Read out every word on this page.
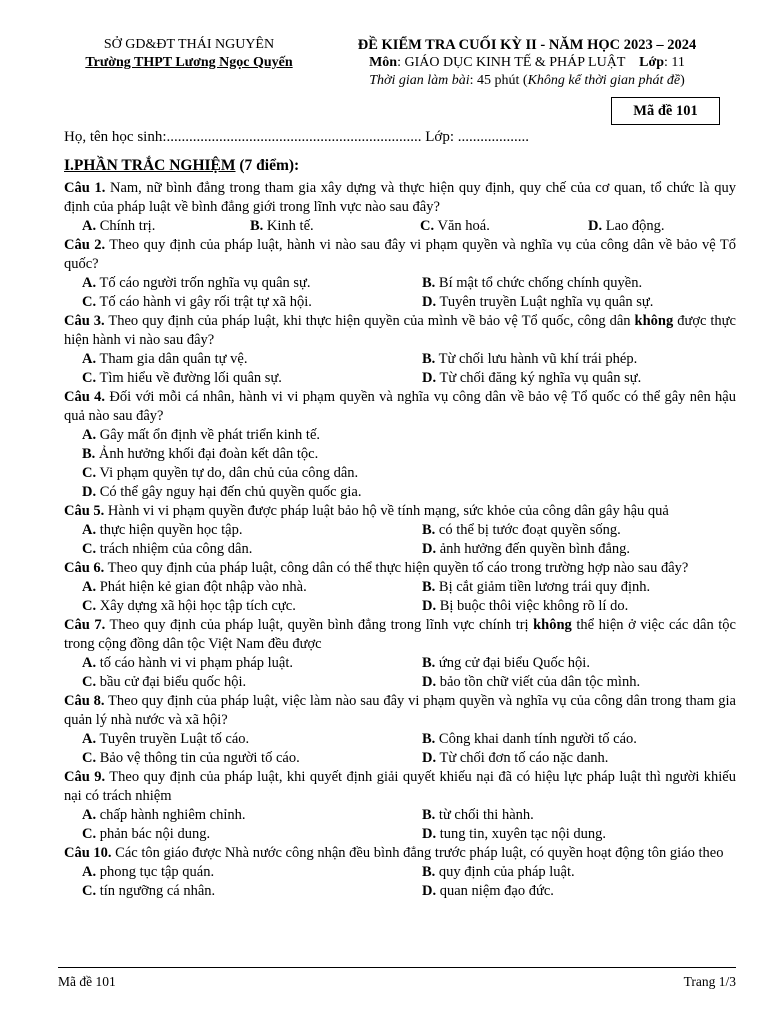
SỞ GD&ĐT THÁI NGUYÊN
Trường THPT Lương Ngọc Quyến
ĐỀ KIỂM TRA CUỐI KỲ II - NĂM HỌC 2023 – 2024
Môn: GIÁO DỤC KINH TẾ & PHÁP LUẬT Lớp: 11
Thời gian làm bài: 45 phút (Không kể thời gian phát đề)
Mã đề 101
Họ, tên học sinh:.................................................................... Lớp: ...................
I.PHẦN TRẮC NGHIỆM (7 điểm):
Câu 1. Nam, nữ bình đẳng trong tham gia xây dựng và thực hiện quy định, quy chế của cơ quan, tổ chức là quy định của pháp luật về bình đẳng giới trong lĩnh vực nào sau đây?
A. Chính trị.	B. Kinh tế.	C. Văn hoá.	D. Lao động.
Câu 2. Theo quy định của pháp luật, hành vi nào sau đây vi phạm quyền và nghĩa vụ của công dân về bảo vệ Tổ quốc?
A. Tố cáo người trốn nghĩa vụ quân sự.	B. Bí mật tổ chức chống chính quyền.
C. Tố cáo hành vi gây rối trật tự xã hội.	D. Tuyên truyền Luật nghĩa vụ quân sự.
Câu 3. Theo quy định của pháp luật, khi thực hiện quyền của mình về bảo vệ Tổ quốc, công dân không được thực hiện hành vi nào sau đây?
A. Tham gia dân quân tự vệ.	B. Từ chối lưu hành vũ khí trái phép.
C. Tìm hiểu về đường lối quân sự.	D. Từ chối đăng ký nghĩa vụ quân sự.
Câu 4. Đối với mỗi cá nhân, hành vi vi phạm quyền và nghĩa vụ công dân về bảo vệ Tổ quốc có thể gây nên hậu quả nào sau đây?
A. Gây mất ổn định về phát triển kinh tế.
B. Ảnh hưởng khối đại đoàn kết dân tộc.
C. Vi phạm quyền tự do, dân chủ của công dân.
D. Có thể gây nguy hại đến chủ quyền quốc gia.
Câu 5. Hành vi vi phạm quyền được pháp luật bảo hộ về tính mạng, sức khỏe của công dân gây hậu quả
A. thực hiện quyền học tập.	B. có thể bị tước đoạt quyền sống.
C. trách nhiệm của công dân.	D. ảnh hưởng đến quyền bình đẳng.
Câu 6. Theo quy định của pháp luật, công dân có thể thực hiện quyền tố cáo trong trường hợp nào sau đây?
A. Phát hiện kẻ gian đột nhập vào nhà.	B. Bị cắt giảm tiền lương trái quy định.
C. Xây dựng xã hội học tập tích cực.	D. Bị buộc thôi việc không rõ lí do.
Câu 7. Theo quy định của pháp luật, quyền bình đẳng trong lĩnh vực chính trị không thể hiện ở việc các dân tộc trong cộng đồng dân tộc Việt Nam đều được
A. tố cáo hành vi vi phạm pháp luật.	B. ứng cử đại biểu Quốc hội.
C. bầu cử đại biểu quốc hội.	D. bảo tồn chữ viết của dân tộc mình.
Câu 8. Theo quy định của pháp luật, việc làm nào sau đây vi phạm quyền và nghĩa vụ của công dân trong tham gia quản lý nhà nước và xã hội?
A. Tuyên truyền Luật tố cáo.	B. Công khai danh tính người tố cáo.
C. Bảo vệ thông tin của người tố cáo.	D. Từ chối đơn tố cáo nặc danh.
Câu 9. Theo quy định của pháp luật, khi quyết định giải quyết khiếu nại đã có hiệu lực pháp luật thì người khiếu nại có trách nhiệm
A. chấp hành nghiêm chỉnh.	B. từ chối thi hành.
C. phản bác nội dung.	D. tung tin, xuyên tạc nội dung.
Câu 10. Các tôn giáo được Nhà nước công nhận đều bình đẳng trước pháp luật, có quyền hoạt động tôn giáo theo
A. phong tục tập quán.	B. quy định của pháp luật.
C. tín ngưỡng cá nhân.	D. quan niệm đạo đức.
Mã đề 101	Trang 1/3
